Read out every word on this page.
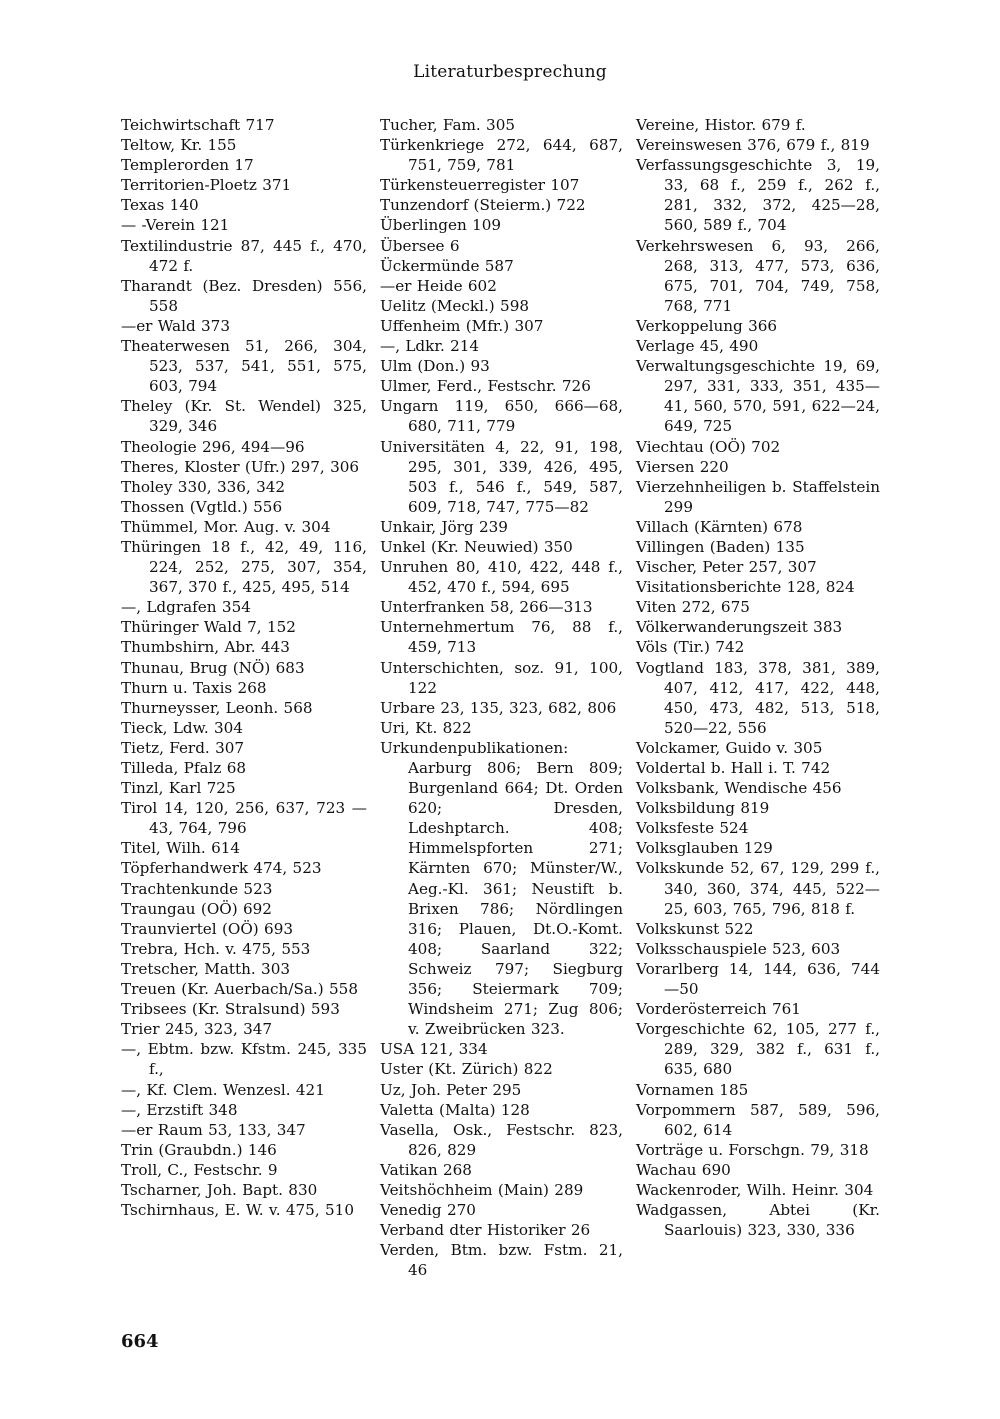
Literaturbesprechung
Teichwirtschaft 717
Teltow, Kr. 155
Templerorden 17
Territorien-Ploetz 371
Texas 140
— -Verein 121
Textilindustrie 87, 445 f., 470, 472 f.
Tharandt (Bez. Dresden) 556, 558
—er Wald 373
Theaterwesen 51, 266, 304, 523, 537, 541, 551, 575, 603, 794
Theley (Kr. St. Wendel) 325, 329, 346
Theologie 296, 494—96
Theres, Kloster (Ufr.) 297, 306
Tholey 330, 336, 342
Thossen (Vgtld.) 556
Thümmel, Mor. Aug. v. 304
Thüringen 18 f., 42, 49, 116, 224, 252, 275, 307, 354, 367, 370 f., 425, 495, 514
—, Ldgrafen 354
Thüringer Wald 7, 152
Thumbshirn, Abr. 443
Thunau, Brug (NÖ) 683
Thurn u. Taxis 268
Thurneysser, Leonh. 568
Tieck, Ldw. 304
Tietz, Ferd. 307
Tilleda, Pfalz 68
Tinzl, Karl 725
Tirol 14, 120, 256, 637, 723 —43, 764, 796
Titel, Wilh. 614
Töpferhandwerk 474, 523
Trachtenkunde 523
Traungau (OÖ) 692
Traunviertel (OÖ) 693
Trebra, Hch. v. 475, 553
Tretscher, Matth. 303
Treuen (Kr. Auerbach/Sa.) 558
Tribsees (Kr. Stralsund) 593
Trier 245, 323, 347
—, Ebtm. bzw. Kfstm. 245, 335 f.,
—, Kf. Clem. Wenzesl. 421
—, Erzstift 348
—er Raum 53, 133, 347
Trin (Graubdn.) 146
Troll, C., Festschr. 9
Tscharner, Joh. Bapt. 830
Tschirnhaus, E. W. v. 475, 510
Tucher, Fam. 305
Türkenkriege 272, 644, 687, 751, 759, 781
Türkensteuerregister 107
Tunzendorf (Steierm.) 722
Überlingen 109
Übersee 6
Ückermünde 587
—er Heide 602
Uelitz (Meckl.) 598
Uffenheim (Mfr.) 307
—, Ldkr. 214
Ulm (Don.) 93
Ulmer, Ferd., Festschr. 726
Ungarn 119, 650, 666—68, 680, 711, 779
Universitäten 4, 22, 91, 198, 295, 301, 339, 426, 495, 503 f., 546 f., 549, 587, 609, 718, 747, 775—82
Unkair, Jörg 239
Unkel (Kr. Neuwied) 350
Unruhen 80, 410, 422, 448 f., 452, 470 f., 594, 695
Unterfranken 58, 266—313
Unternehmertum 76, 88 f., 459, 713
Unterschichten, soz. 91, 100, 122
Urbare 23, 135, 323, 682, 806
Uri, Kt. 822
Urkundenpublikationen: Aarburg 806; Bern 809; Burgenland 664; Dt. Orden 620; Dresden, Ldeshptarch. 408; Himmelspforten 271; Kärnten 670; Münster/W., Aeg.-Kl. 361; Neustift b. Brixen 786; Nördlingen 316; Plauen, Dt.O.-Komt. 408; Saarland 322; Schweiz 797; Siegburg 356; Steiermark 709; Windsheim 271; Zug 806; v. Zweibrücken 323.
USA 121, 334
Uster (Kt. Zürich) 822
Uz, Joh. Peter 295
Valetta (Malta) 128
Vasella, Osk., Festschr. 823, 826, 829
Vatikan 268
Veitshöchheim (Main) 289
Venedig 270
Verband dter Historiker 26
Verden, Btm. bzw. Fstm. 21, 46
Vereine, Histor. 679 f.
Vereinswesen 376, 679 f., 819
Verfassungsgeschichte 3, 19, 33, 68 f., 259 f., 262 f., 281, 332, 372, 425—28, 560, 589 f., 704
Verkehrswesen 6, 93, 266, 268, 313, 477, 573, 636, 675, 701, 704, 749, 758, 768, 771
Verkoppelung 366
Verlage 45, 490
Verwaltungsgeschichte 19, 69, 297, 331, 333, 351, 435—41, 560, 570, 591, 622—24, 649, 725
Viechtau (OÖ) 702
Viersen 220
Vierzehnheiligen b. Staffelstein 299
Villach (Kärnten) 678
Villingen (Baden) 135
Vischer, Peter 257, 307
Visitationsberichte 128, 824
Viten 272, 675
Völkerwanderungszeit 383
Völs (Tir.) 742
Vogtland 183, 378, 381, 389, 407, 412, 417, 422, 448, 450, 473, 482, 513, 518, 520—22, 556
Volckamer, Guido v. 305
Voldertal b. Hall i. T. 742
Volksbank, Wendische 456
Volksbildung 819
Volksfeste 524
Volksglauben 129
Volkskunde 52, 67, 129, 299 f., 340, 360, 374, 445, 522—25, 603, 765, 796, 818 f.
Volkskunst 522
Volksschauspiele 523, 603
Vorarlberg 14, 144, 636, 744 —50
Vorderösterreich 761
Vorgeschichte 62, 105, 277 f., 289, 329, 382 f., 631 f., 635, 680
Vornamen 185
Vorpommern 587, 589, 596, 602, 614
Vorträge u. Forschgn. 79, 318
Wachau 690
Wackenroder, Wilh. Heinr. 304
Wadgassen, Abtei (Kr. Saarlouis) 323, 330, 336
664
